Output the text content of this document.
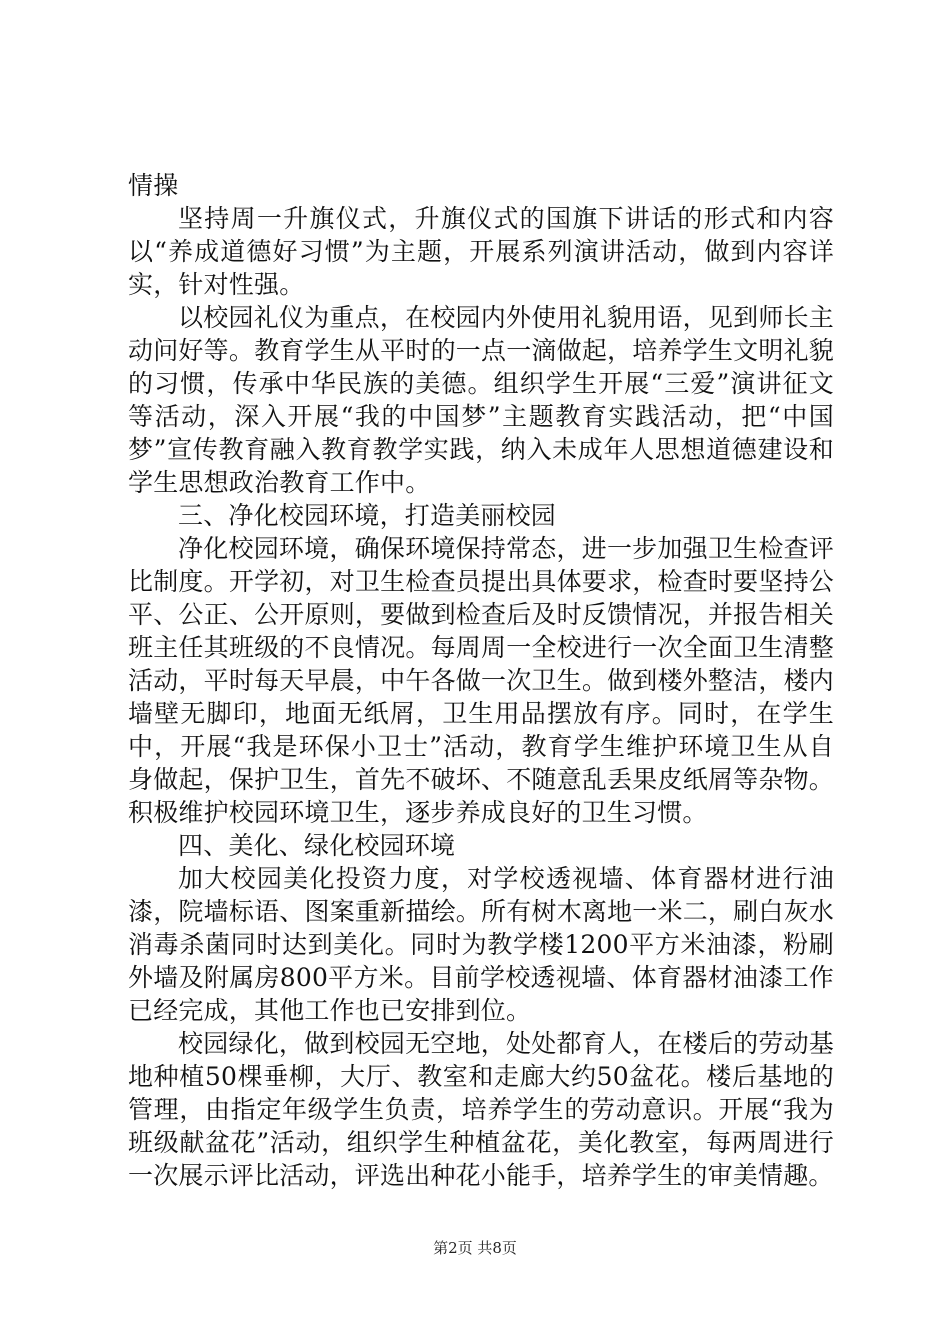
情操

坚持周一升旗仪式，升旗仪式的国旗下讲话的形式和内容以“养成道德好习惯”为主题，开展系列演讲活动，做到内容详实，针对性强。

以校园礼仪为重点，在校园内外使用礼貌用语，见到师长主动问好等。教育学生从平时的一点一滴做起，培养学生文明礼貌的习惯，传承中华民族的美德。组织学生开展“三爱”演讲征文等活动，深入开展“我的中国梦”主题教育实践活动，把“中国梦”宣传教育融入教育教学实践，纳入未成年人思想道德建设和学生思想政治教育工作中。

三、净化校园环境，打造美丽校园

净化校园环境，确保环境保持常态，进一步加强卫生检查评比制度。开学初，对卫生检查员提出具体要求，检查时要坚持公平、公正、公开原则，要做到检查后及时反馈情况，并报告相关班主任其班级的不良情况。每周周一全校进行一次全面卫生清整活动，平时每天早晨，中午各做一次卫生。做到楼外整洁，楼内墙壁无脚印，地面无纸屑，卫生用品摆放有序。同时，在学生中，开展“我是环保小卫士”活动，教育学生维护环境卫生从自身做起，保护卫生，首先不破坏、不随意乱丢果皮纸屑等杂物。积极维护校园环境卫生，逐步养成良好的卫生习惯。

四、美化、绿化校园环境

加大校园美化投资力度，对学校透视墙、体育器材进行油漆，院墙标语、图案重新描绘。所有树木离地一米二，刷白灰水消毒杀菌同时达到美化。同时为教学楼1200平方米油漆，粉刷外墙及附属房800平方米。目前学校透视墙、体育器材油漆工作已经完成，其他工作也已安排到位。

校园绿化，做到校园无空地，处处都育人，在楼后的劳动基地种植50棵垂柳，大厅、教室和走廊大约50盆花。楼后基地的管理，由指定年级学生负责，培养学生的劳动意识。开展“我为班级献盆花”活动，组织学生种植盆花，美化教室，每两周进行一次展示评比活动，评选出种花小能手，培养学生的审美情趣。

第2页 共8页
